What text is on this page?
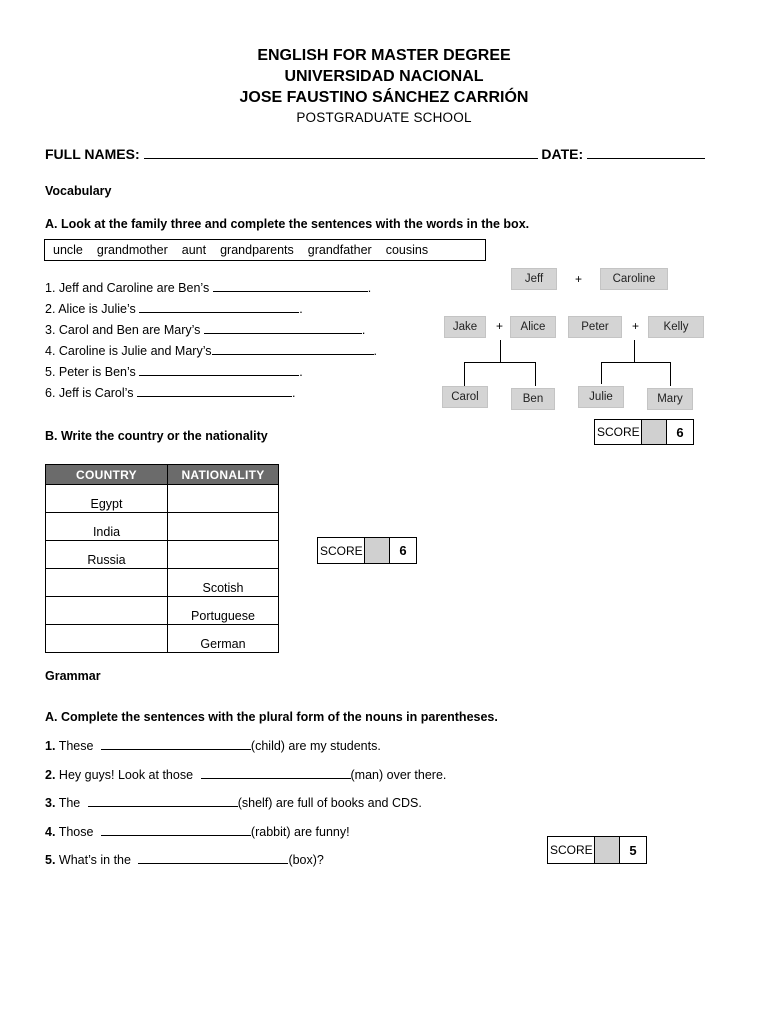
ENGLISH FOR MASTER DEGREE
UNIVERSIDAD NACIONAL
JOSE FAUSTINO SÁNCHEZ CARRIÓN
POSTGRADUATE SCHOOL
FULL NAMES:	DATE:
Vocabulary
A. Look at the family three and complete the sentences with the words in the box.
uncle grandmother aunt grandparents grandfather cousins
1. Jeff and Caroline are Ben’s	.
2. Alice is Julie’s	.
3. Carol and Ben are Mary’s	.
4. Caroline is Julie and Mary’s	.
5. Peter is Ben’s	.
6. Jeff is Carol’s	.
Jeff	+	Caroline
Jake	+	Alice	Peter	+	Kelly
Carol	Ben	Julie	Mary
SCORE	6
B. Write the country or the nationality
COUNTRY	NATIONALITY
Egypt	
India	
Russia	
	Scotish
	Portuguese
	German
SCORE	6
Grammar
A. Complete the sentences with the plural form of the nouns in parentheses.
1. These	(child) are my students.
2. Hey guys! Look at those	(man) over there.
3. The	(shelf) are full of books and CDS.
4. Those	(rabbit) are funny!
5. What’s in the	(box)?
SCORE	5
